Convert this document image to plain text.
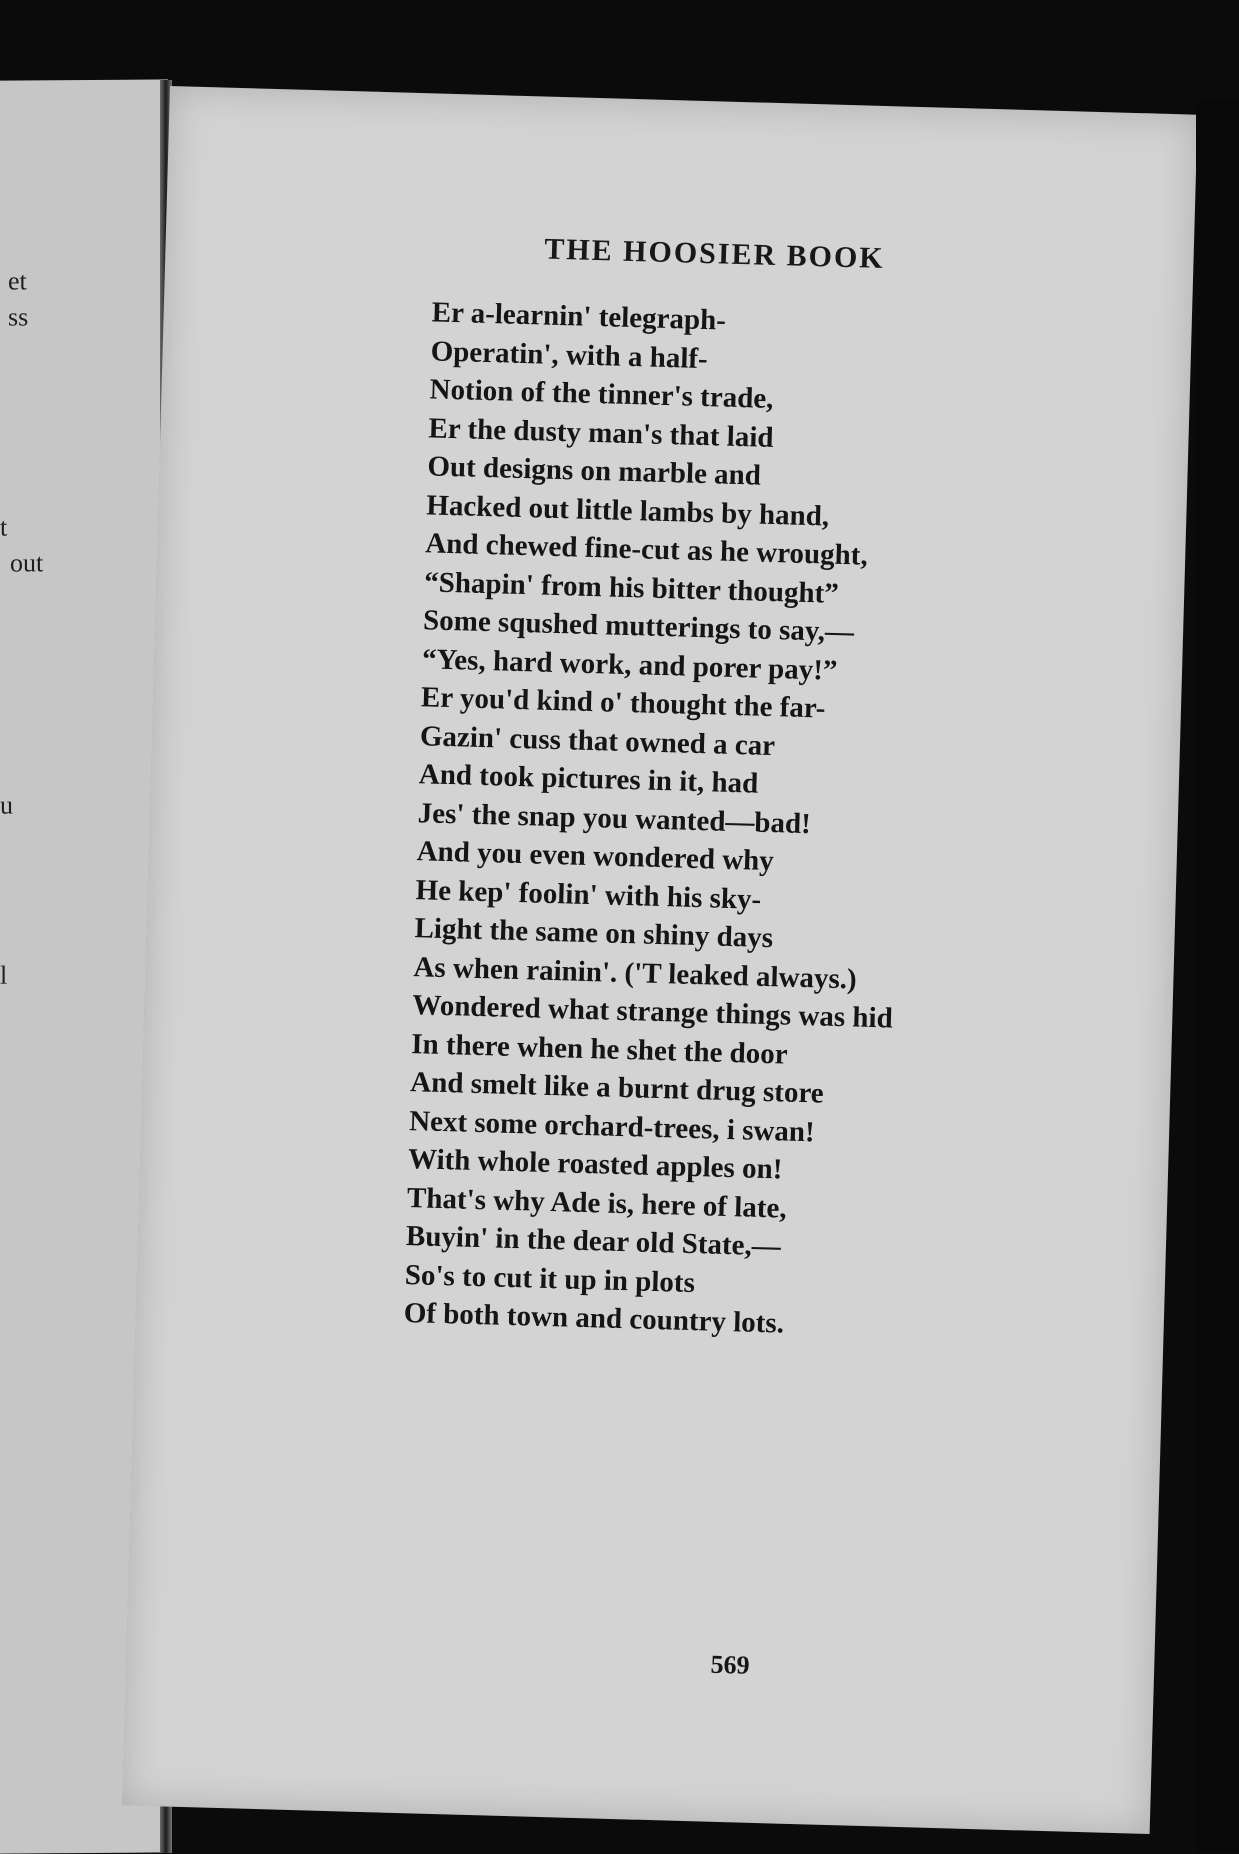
et
ss
t
out
u
l
THE HOOSIER BOOK
Er a-learnin' telegraph-
Operatin', with a half-
Notion of the tinner's trade,
Er the dusty man's that laid
Out designs on marble and
Hacked out little lambs by hand,
And chewed fine-cut as he wrought,
“Shapin' from his bitter thought”
Some squshed mutterings to say,—
“Yes, hard work, and porer pay!”
Er you'd kind o' thought the far-
Gazin' cuss that owned a car
And took pictures in it, had
Jes' the snap you wanted—bad!
And you even wondered why
He kep' foolin' with his sky-
Light the same on shiny days
As when rainin'. ('T leaked always.)
Wondered what strange things was hid
In there when he shet the door
And smelt like a burnt drug store
Next some orchard-trees, i swan!
With whole roasted apples on!
That's why Ade is, here of late,
Buyin' in the dear old State,—
So's to cut it up in plots
Of both town and country lots.
569
